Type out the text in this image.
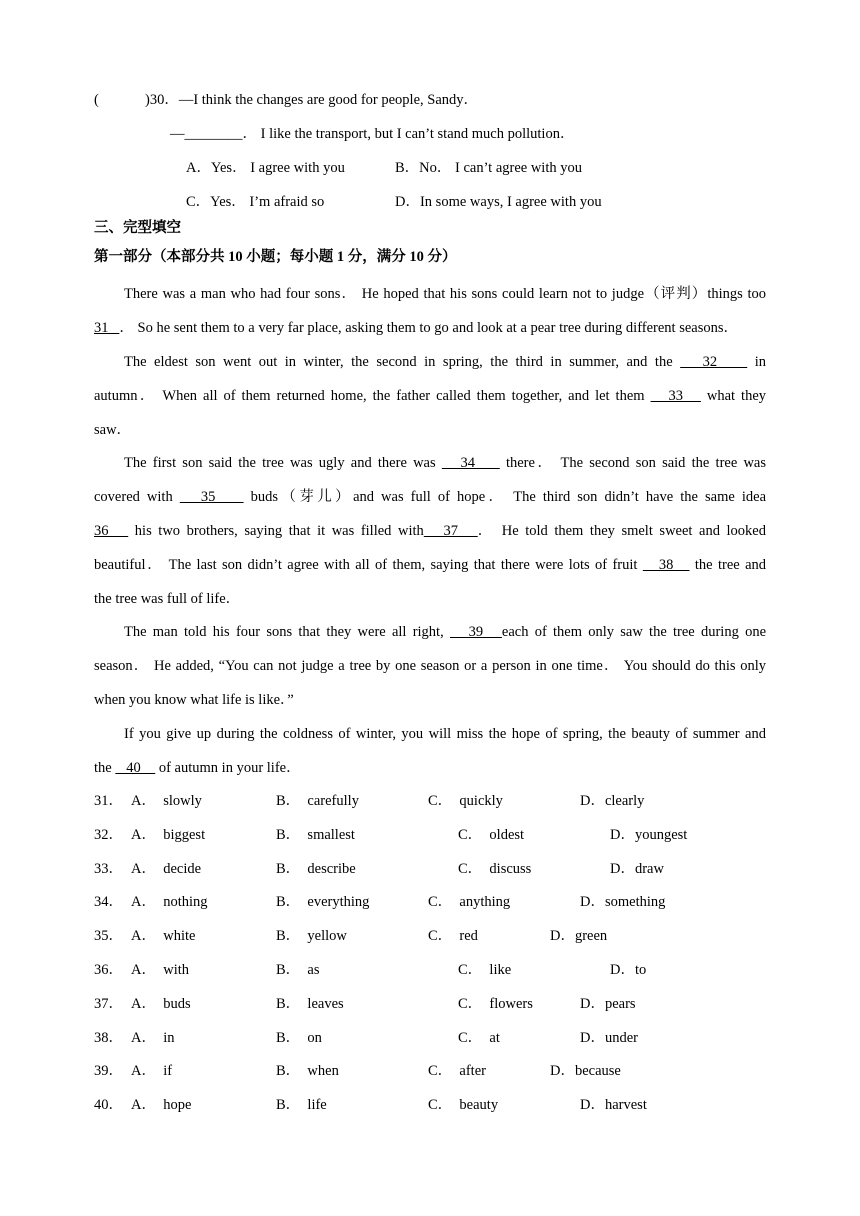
(	)30．—I think the changes are good for people, Sandy．
—________． I like the transport, but I can’t stand much pollution．
A．Yes． I agree with you	B．No． I can’t agree with you
C．Yes． I’m afraid so	D．In some ways, I agree with you
三、完型填空
第一部分（本部分共 10 小题；每小题 1 分，满分 10 分）
There was a man who had four sons． He hoped that his sons could learn not to judge（评判）things too
31   ． So he sent them to a very far place, asking them to go and look at a pear tree during different seasons．
The eldest son went out in winter, the second in spring, the third in summer, and the    32     in
autumn． When all of them returned home, the father called them together, and let them    33    what they
saw．
The first son said the tree was ugly and there was    34     there． The second son said the tree was
covered with    35     buds（芽儿）and was full of hope． The third son didn’t have the same idea
36    his two brothers, saying that it was filled with   37   ． He told them they smelt sweet and looked
beautiful． The last son didn’t agree with all of them, saying that there were lots of fruit    38    the tree and
the tree was full of life．
The man told his four sons that they were all right,    39   each of them only saw the tree during one
season． He added, “You can not judge a tree by one season or a person in one time． You should do this only
when you know what life is like．”
If you give up during the coldness of winter, you will miss the hope of spring, the beauty of summer and
the    40     of autumn in your life．
31． A．  slowly	B．  carefully	C．  quickly	D．clearly
32． A．  biggest	B．  smallest	C．  oldest	D．youngest
33． A．  decide	B．  describe	C．  discuss	D．draw
34． A．  nothing	B．  everything	C．  anything	D．something
35． A．  white	B．  yellow	C．  red	D．green
36． A．  with	B．  as	C．  like	D．to
37． A．  buds	B．  leaves	C．  flowers	D．pears
38． A．  in	B．  on	C．  at	D．under
39． A．  if	B．  when	C．  after	D．because
40． A．  hope	B．  life	C．  beauty	D．harvest
